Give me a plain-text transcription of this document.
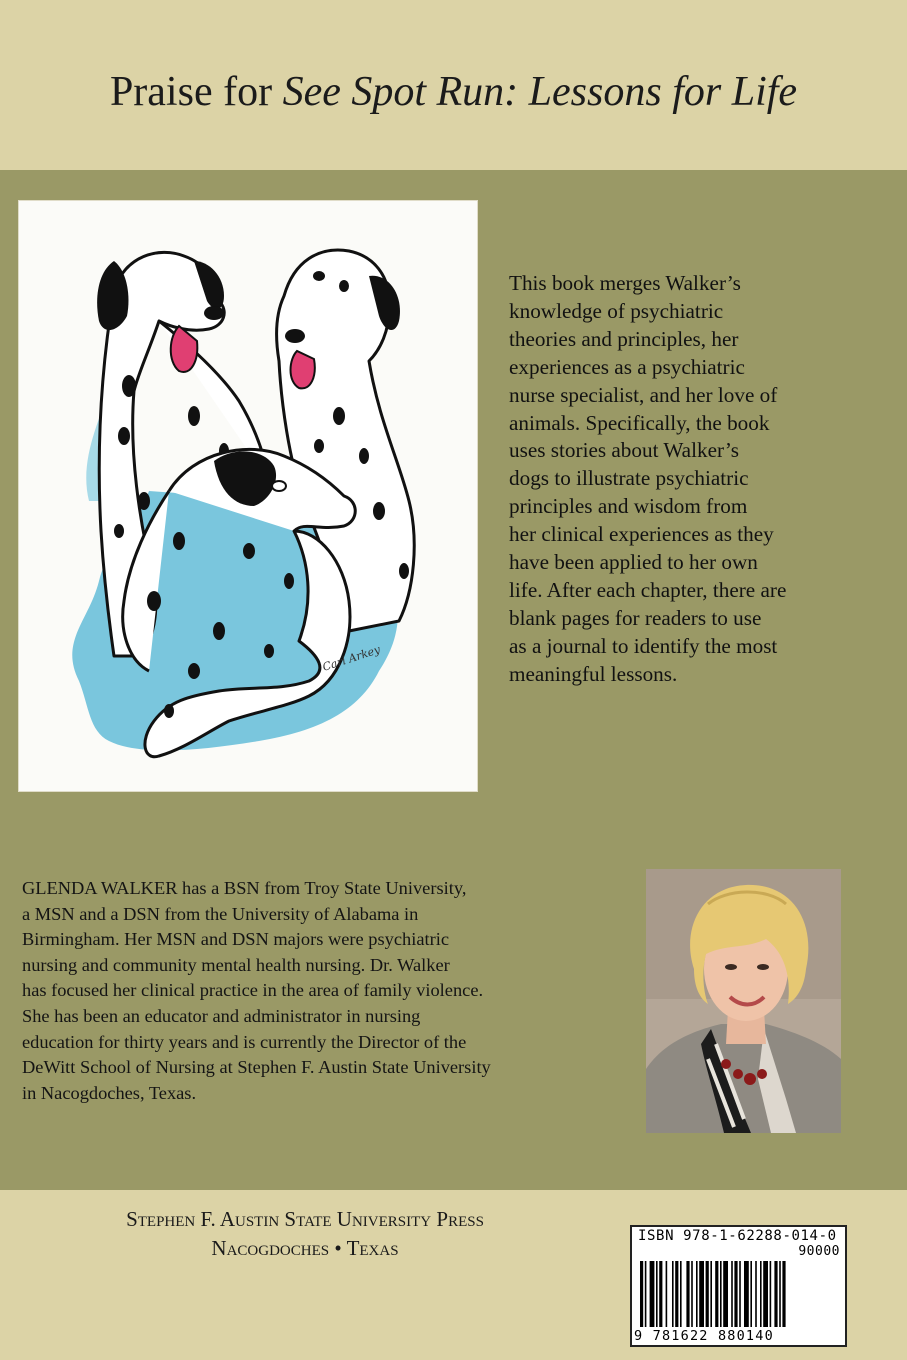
Praise for See Spot Run: Lessons for Life
Cari Arkey
This book merges Walker’s
knowledge of psychiatric
theories and principles, her
experiences as a psychiatric
nurse specialist, and her love of
animals. Specifically, the book
uses stories about Walker’s
dogs to illustrate psychiatric
principles and wisdom from
her clinical experiences as they
have been applied to her own
life. After each chapter, there are
blank pages for readers to use
as a journal to identify the most
meaningful lessons.
GLENDA WALKER has a BSN from Troy State University,
a MSN and a DSN from the University of Alabama in
Birmingham. Her MSN and DSN majors were psychiatric
nursing and community mental health nursing. Dr. Walker
has focused her clinical practice in the area of family violence.
She has been an educator and administrator in nursing
education for thirty years and is currently the Director of the
DeWitt School of Nursing at Stephen F. Austin State University
in Nacogdoches, Texas.
Stephen F. Austin State University Press
Nacogdoches • Texas	ISBN 978-1-62288-014-0
90000
9 781622 880140
